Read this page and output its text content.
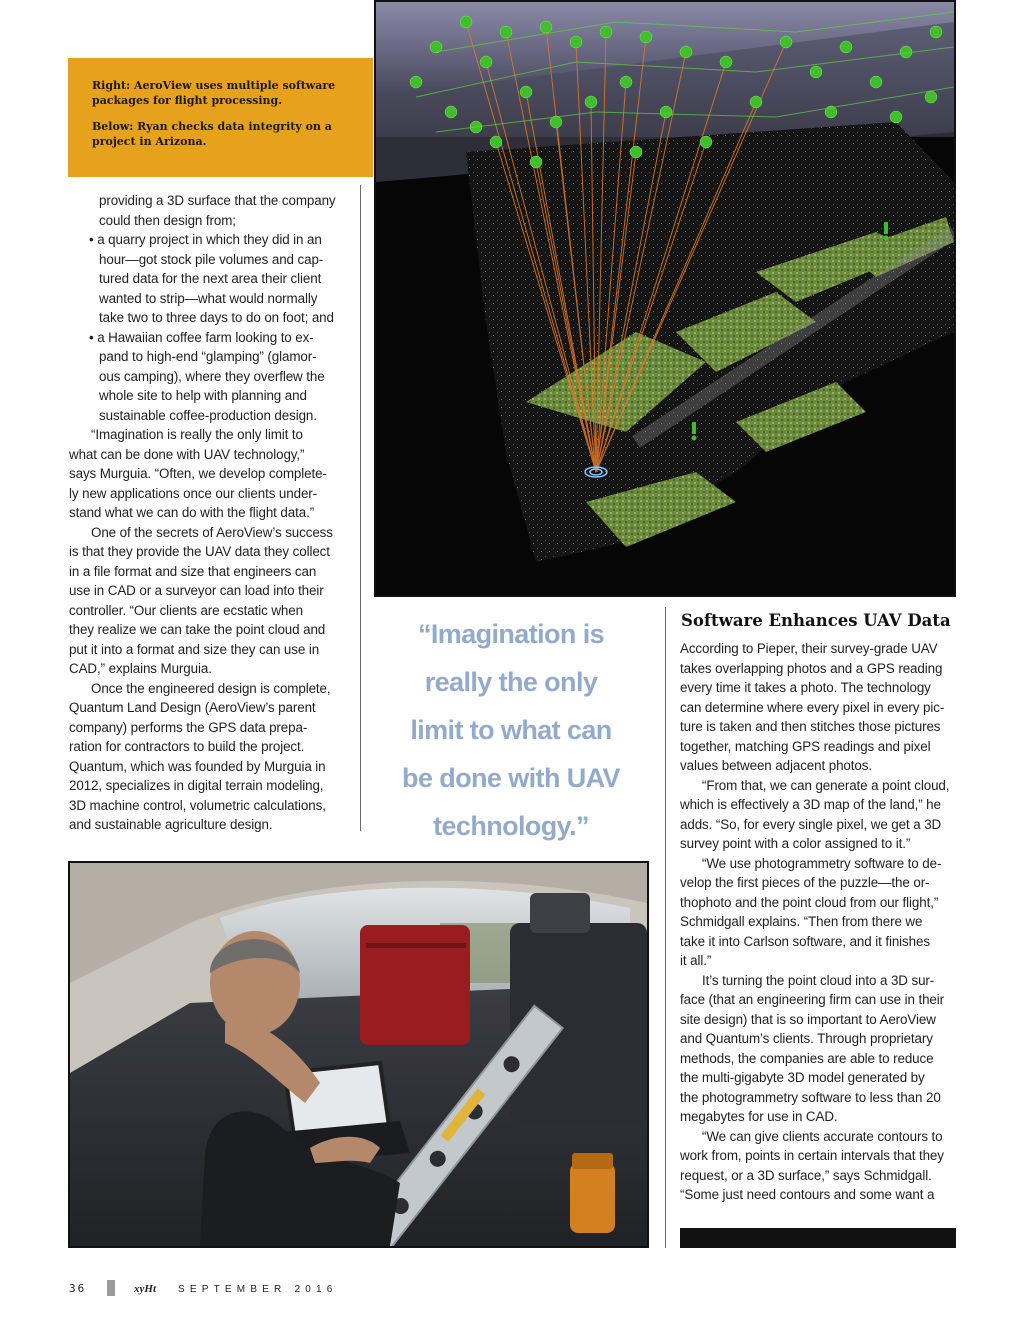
Right: AeroView uses multiple software packages for flight processing.
Below: Ryan checks data integrity on a project in Arizona.

providing a 3D surface that the company

could then design from;

• a quarry project in which they did in an

hour—got stock pile volumes and cap-

tured data for the next area their client

wanted to strip—what would normally

take two to three days to do on foot; and

• a Hawaiian coffee farm looking to ex-

pand to high-end “glamping” (glamor-

ous camping), where they overflew the

whole site to help with planning and

sustainable coffee-production design.

“Imagination is really the only limit to

what can be done with UAV technology,”

says Murguia. “Often, we develop complete-

ly new applications once our clients under-

stand what we can do with the flight data.”

One of the secrets of AeroView’s success

is that they provide the UAV data they collect

in a file format and size that engineers can

use in CAD or a surveyor can load into their

controller. “Our clients are ecstatic when

they realize we can take the point cloud and

put it into a format and size they can use in

CAD,” explains Murguia.

Once the engineered design is complete,

Quantum Land Design (AeroView’s parent

company) performs the GPS data prepa-

ration for contractors to build the project.

Quantum, which was founded by Murguia in

2012, specializes in digital terrain modeling,

3D machine control, volumetric calculations,

and sustainable agriculture design.

“Imagination is
really the only
limit to what can
be done with UAV
technology.”
Software Enhances UAV Data

According to Pieper, their survey-grade UAV

takes overlapping photos and a GPS reading

every time it takes a photo. The technology

can determine where every pixel in every pic-

ture is taken and then stitches those pictures

together, matching GPS readings and pixel

values between adjacent photos.

“From that, we can generate a point cloud,

which is effectively a 3D map of the land,” he

adds. “So, for every single pixel, we get a 3D

survey point with a color assigned to it.”

“We use photogrammetry software to de-

velop the first pieces of the puzzle—the or-

thophoto and the point cloud from our flight,”

Schmidgall explains. “Then from there we

take it into Carlson software, and it finishes

it all.”

It’s turning the point cloud into a 3D sur-

face (that an engineering firm can use in their

site design) that is so important to AeroView

and Quantum’s clients. Through proprietary

methods, the companies are able to reduce

the multi-gigabyte 3D model generated by

the photogrammetry software to less than 20

megabytes for use in CAD.

“We can give clients accurate contours to

work from, points in certain intervals that they

request, or a 3D surface,” says Schmidgall.

“Some just need contours and some want a

36	xyHt SEPTEMBER 2016
